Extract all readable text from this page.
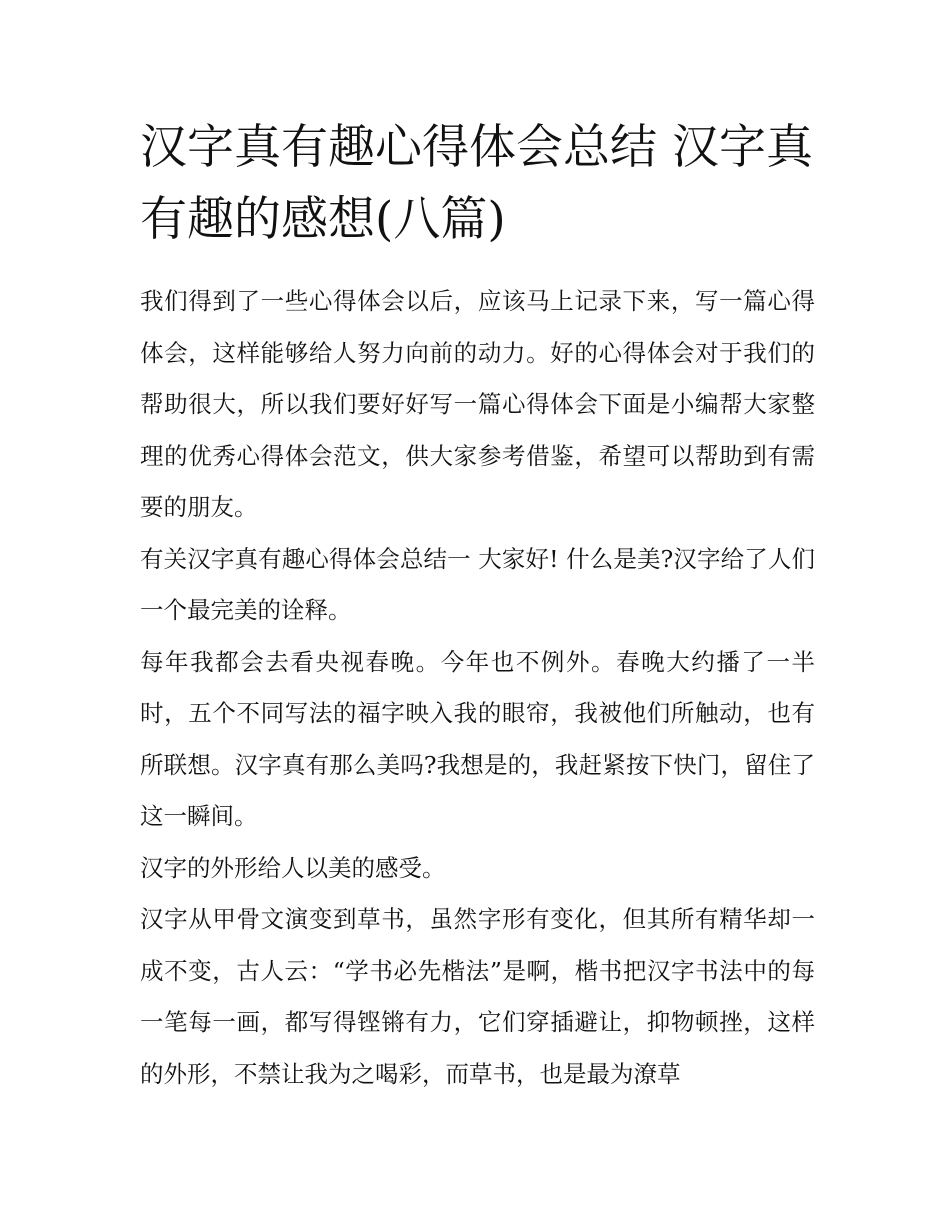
汉字真有趣心得体会总结 汉字真有趣的感想(八篇)

我们得到了一些心得体会以后，应该马上记录下来，写一篇心得体会，这样能够给人努力向前的动力。好的心得体会对于我们的帮助很大，所以我们要好好写一篇心得体会下面是小编帮大家整理的优秀心得体会范文，供大家参考借鉴，希望可以帮助到有需要的朋友。

有关汉字真有趣心得体会总结一 大家好! 什么是美?汉字给了人们一个最完美的诠释。

每年我都会去看央视春晚。今年也不例外。春晚大约播了一半时，五个不同写法的福字映入我的眼帘，我被他们所触动，也有所联想。汉字真有那么美吗?我想是的，我赶紧按下快门，留住了这一瞬间。

汉字的外形给人以美的感受。

汉字从甲骨文演变到草书，虽然字形有变化，但其所有精华却一成不变，古人云：“学书必先楷法”是啊，楷书把汉字书法中的每一笔每一画，都写得铿锵有力，它们穿插避让，抑物顿挫，这样的外形，不禁让我为之喝彩，而草书，也是最为潦草
